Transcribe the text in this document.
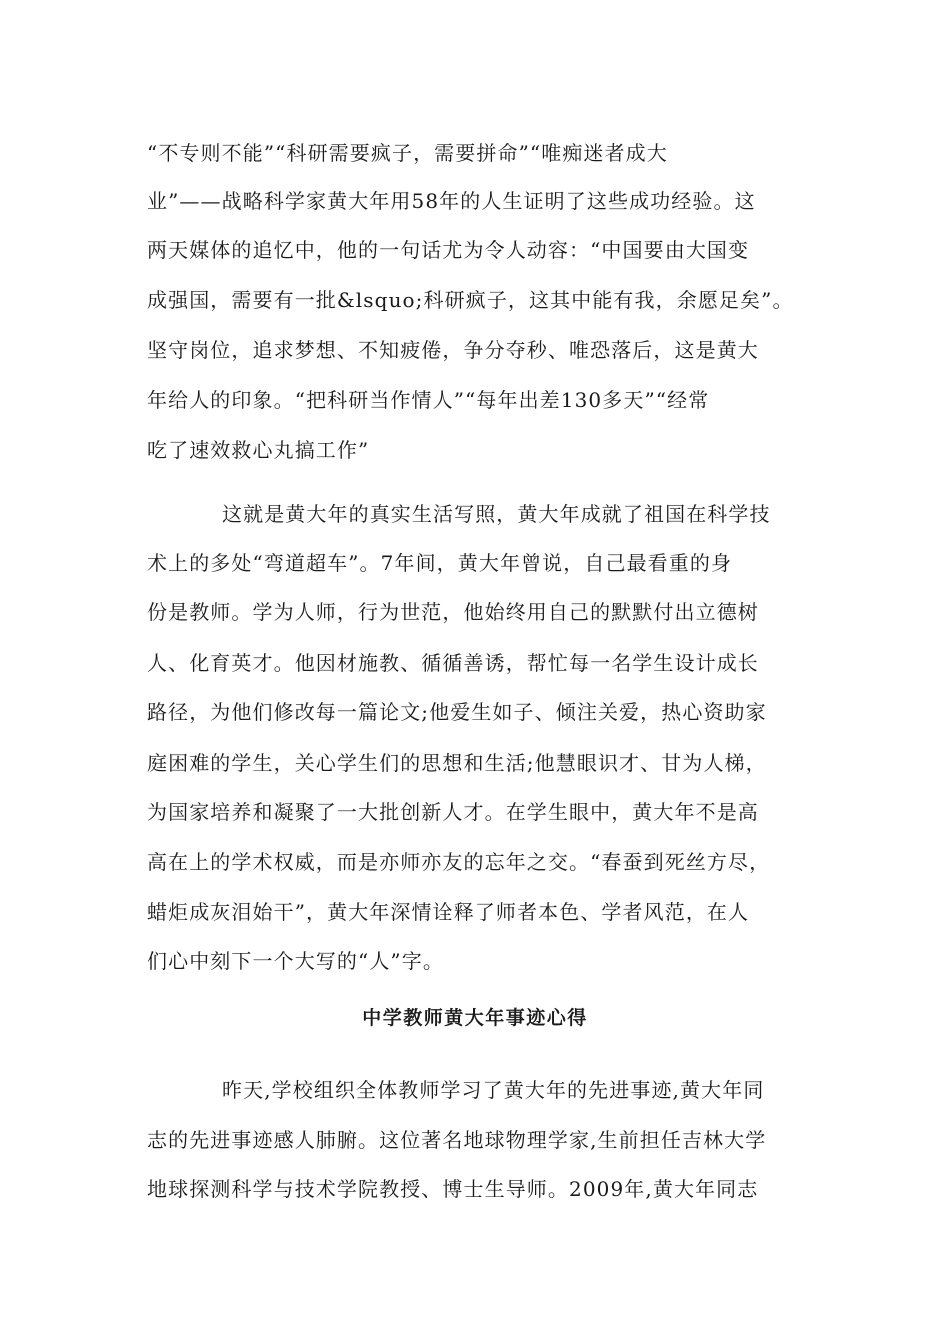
“不专则不能”“科研需要疯子，需要拼命”“唯痴迷者成大
业”——战略科学家黄大年用58年的人生证明了这些成功经验。这
两天媒体的追忆中，他的一句话尤为令人动容：“中国要由大国变
成强国，需要有一批&lsquo;科研疯子，这其中能有我，余愿足矣”。
坚守岗位，追求梦想、不知疲倦，争分夺秒、唯恐落后，这是黄大
年给人的印象。“把科研当作情人”“每年出差130多天”“经常
吃了速效救心丸搞工作”
这就是黄大年的真实生活写照，黄大年成就了祖国在科学技
术上的多处“弯道超车”。7年间，黄大年曾说，自己最看重的身
份是教师。学为人师，行为世范，他始终用自己的默默付出立德树
人、化育英才。他因材施教、循循善诱，帮忙每一名学生设计成长
路径，为他们修改每一篇论文;他爱生如子、倾注关爱，热心资助家
庭困难的学生，关心学生们的思想和生活;他慧眼识才、甘为人梯，
为国家培养和凝聚了一大批创新人才。在学生眼中，黄大年不是高
高在上的学术权威，而是亦师亦友的忘年之交。“春蚕到死丝方尽，
蜡炬成灰泪始干”，黄大年深情诠释了师者本色、学者风范，在人
们心中刻下一个大写的“人”字。
中学教师黄大年事迹心得
昨天,学校组织全体教师学习了黄大年的先进事迹,黄大年同
志的先进事迹感人肺腑。这位著名地球物理学家,生前担任吉林大学
地球探测科学与技术学院教授、博士生导师。2009年,黄大年同志
